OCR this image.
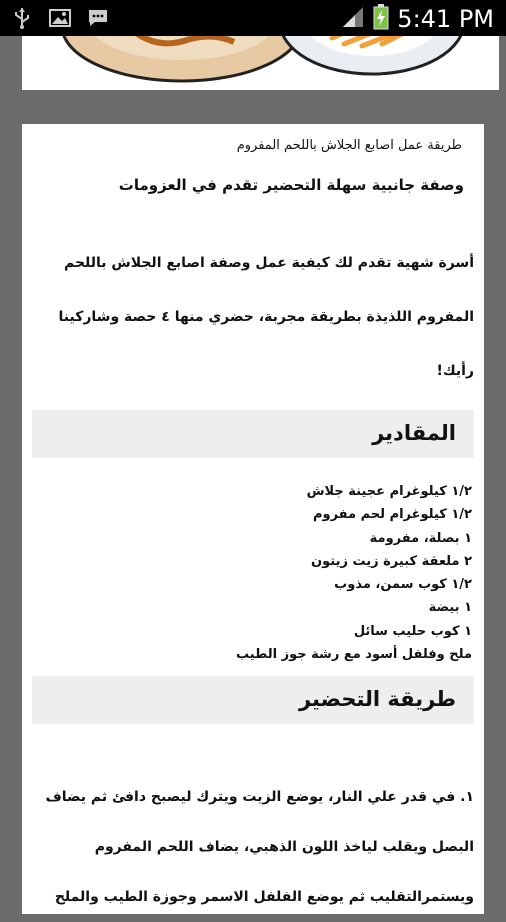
5:41 PM

طريقة عمل اصابع الجلاش باللحم المفروم

وصفة جانبية سهلة التحضير تقدم في العزومات

أسرة شهية تقدم لك كيفية عمل وصفة اصابع الجلاش باللحم المفروم اللذيذة بطريقة مجربة، حضري منها ٤ حصة وشاركينا رأيك!

المقادير
١/٢ كيلوغرام عجينة جلاش
١/٢ كيلوغرام لحم مفروم
١ بصلة، مفرومة
٢ ملعقة كبيرة زيت زيتون
١/٢ كوب سمن، مذوب
١ بيضة
١ كوب حليب سائل
ملح وفلفل أسود مع رشة جوز الطيب
طريقة التحضير

١. في قدر علي النار، يوضع الزيت ويترك ليصبح دافئ ثم يضاف البصل ويقلب لياخذ اللون الذهبي، يضاف اللحم المفروم ويستمرالتقليب ثم يوضع الفلفل الاسمر وجوزة الطيب والملح
